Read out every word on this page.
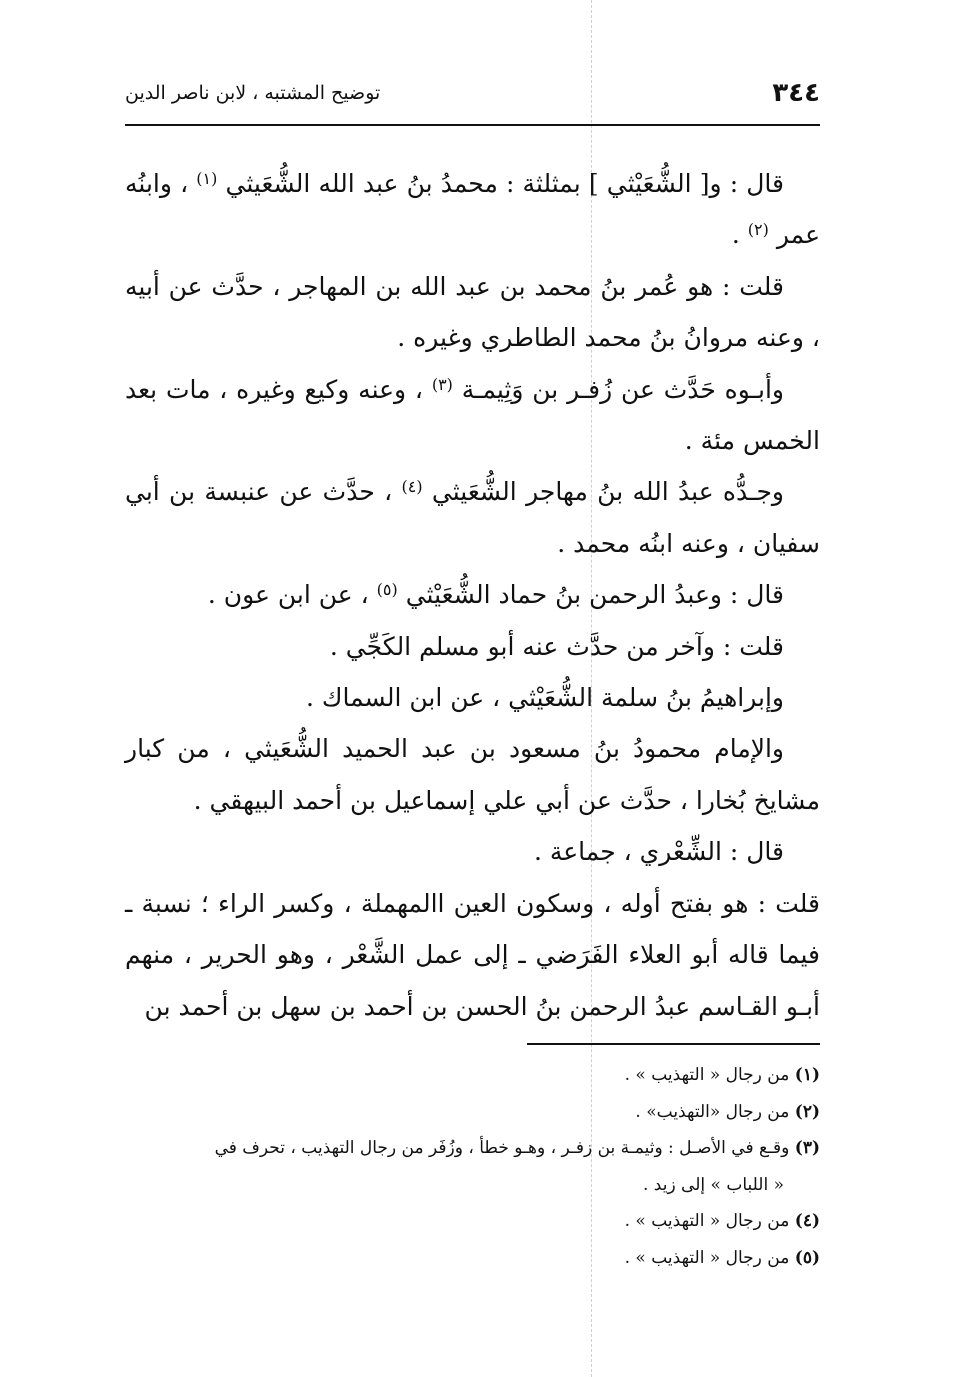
٣٤٤
توضيح المشتبه ، لابن ناصر الدين

قال : و[ الشُّعَيْثي ] بمثلثة : محمدُ بنُ عبد الله الشُّعَيثي $^{(١)}$ ، وابنُه عمر $^{(٢)}$ .

قلت : هو عُمر بنُ محمد بن عبد الله بن المهاجر ، حدَّث عن أبيه ، وعنه مروانُ بنُ محمد الطاطري وغيره .

وأبـوه حَدَّث عن زُفـر بن وَثِيمـة $^{(٣)}$ ، وعنه وكيع وغيره ، مات بعد الخمس مئة .

وجـدُّه عبدُ الله بنُ مهاجر الشُّعَيثي $^{(٤)}$ ، حدَّث عن عنبسة بن أبي سفيان ، وعنه ابنُه محمد .

قال : وعبدُ الرحمن بنُ حماد الشُّعَيْثي $^{(٥)}$ ، عن ابن عون .

قلت : وآخر من حدَّث عنه أبو مسلم الكَجِّي .

وإبراهيمُ بنُ سلمة الشُّعَيْثي ، عن ابن السماك .

والإمام محمودُ بنُ مسعود بن عبد الحميد الشُّعَيثي ، من كبار مشايخ بُخارا ، حدَّث عن أبي علي إسماعيل بن أحمد البيهقي .

قال : الشِّعْري ، جماعة .

قلت : هو بفتح أوله ، وسكون العين االمهملة ، وكسر الراء ؛ نسبة ـ فيما قاله أبو العلاء الفَرَضي ـ إلى عمل الشَّعْر ، وهو الحرير ، منهم أبـو القـاسم عبدُ الرحمن بنُ الحسن بن أحمد بن سهل بن أحمد بن

(١) من رجال « التهذيب » .

(٢) من رجال «التهذيب» .

(٣) وقـع في الأصـل : وثيمـة بن زفـر ، وهـو خطأ ، وزُفَر من رجال التهذيب ، تحرف في

« اللباب » إلى زيد .

(٤) من رجال « التهذيب » .

(٥) من رجال « التهذيب » .
